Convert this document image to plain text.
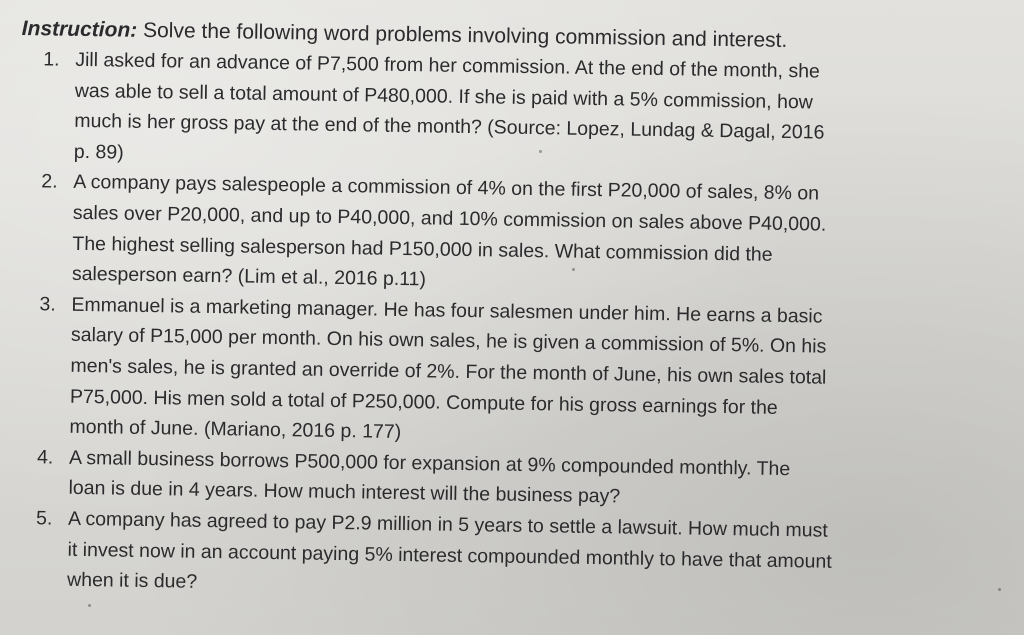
Instruction: Solve the following word problems involving commission and interest.

1. Jill asked for an advance of P7,500 from her commission. At the end of the month, she
was able to sell a total amount of P480,000. If she is paid with a 5% commission, how
much is her gross pay at the end of the month? (Source: Lopez, Lundag & Dagal, 2016
p. 89)
2. A company pays salespeople a commission of 4% on the first P20,000 of sales, 8% on
sales over P20,000, and up to P40,000, and 10% commission on sales above P40,000.
The highest selling salesperson had P150,000 in sales. What commission did the
salesperson earn? (Lim et al., 2016 p.11)
3. Emmanuel is a marketing manager. He has four salesmen under him. He earns a basic
salary of P15,000 per month. On his own sales, he is given a commission of 5%. On his
men's sales, he is granted an override of 2%. For the month of June, his own sales total
P75,000. His men sold a total of P250,000. Compute for his gross earnings for the
month of June. (Mariano, 2016 p. 177)
4. A small business borrows P500,000 for expansion at 9% compounded monthly. The
loan is due in 4 years. How much interest will the business pay?
5. A company has agreed to pay P2.9 million in 5 years to settle a lawsuit. How much must
it invest now in an account paying 5% interest compounded monthly to have that amount
when it is due?
